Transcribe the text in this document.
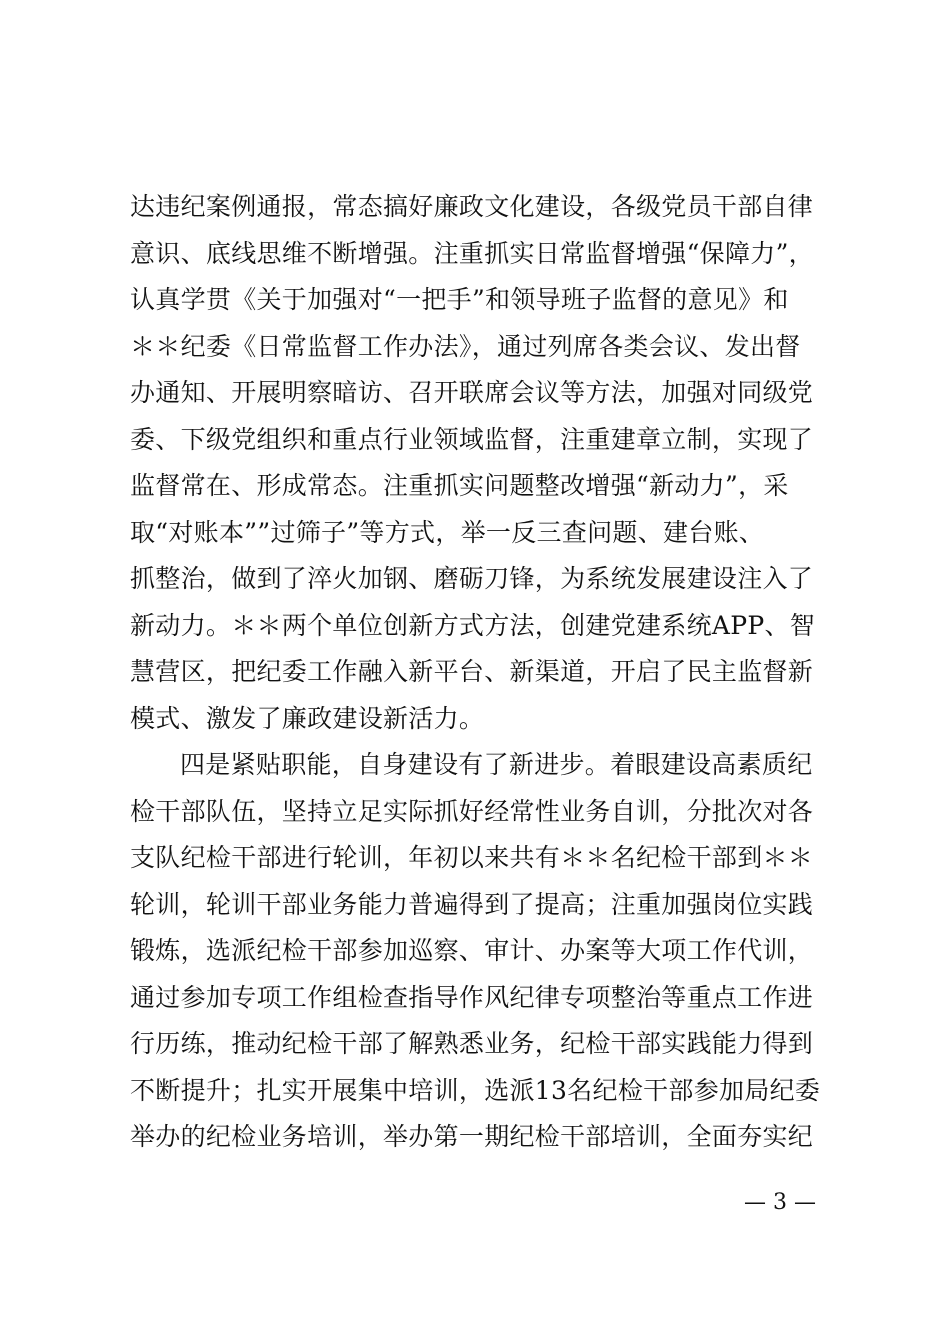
达违纪案例通报，常态搞好廉政文化建设，各级党员干部自律
意识、底线思维不断增强。注重抓实日常监督增强“保障力”，
认真学贯《关于加强对“一把手”和领导班子监督的意见》和
＊＊纪委《日常监督工作办法》，通过列席各类会议、发出督
办通知、开展明察暗访、召开联席会议等方法，加强对同级党
委、下级党组织和重点行业领域监督，注重建章立制，实现了
监督常在、形成常态。注重抓实问题整改增强“新动力”，采
取“对账本””过筛子”等方式，举一反三查问题、建台账、
抓整治，做到了淬火加钢、磨砺刀锋，为系统发展建设注入了
新动力。＊＊两个单位创新方式方法，创建党建系统APP、智
慧营区，把纪委工作融入新平台、新渠道，开启了民主监督新
模式、激发了廉政建设新活力。
四是紧贴职能，自身建设有了新进步。着眼建设高素质纪
检干部队伍，坚持立足实际抓好经常性业务自训，分批次对各
支队纪检干部进行轮训，年初以来共有＊＊名纪检干部到＊＊
轮训，轮训干部业务能力普遍得到了提高；注重加强岗位实践
锻炼，选派纪检干部参加巡察、审计、办案等大项工作代训，
通过参加专项工作组检查指导作风纪律专项整治等重点工作进
行历练，推动纪检干部了解熟悉业务，纪检干部实践能力得到
不断提升；扎实开展集中培训，选派13名纪检干部参加局纪委
举办的纪检业务培训，举办第一期纪检干部培训，全面夯实纪
— 3 —
